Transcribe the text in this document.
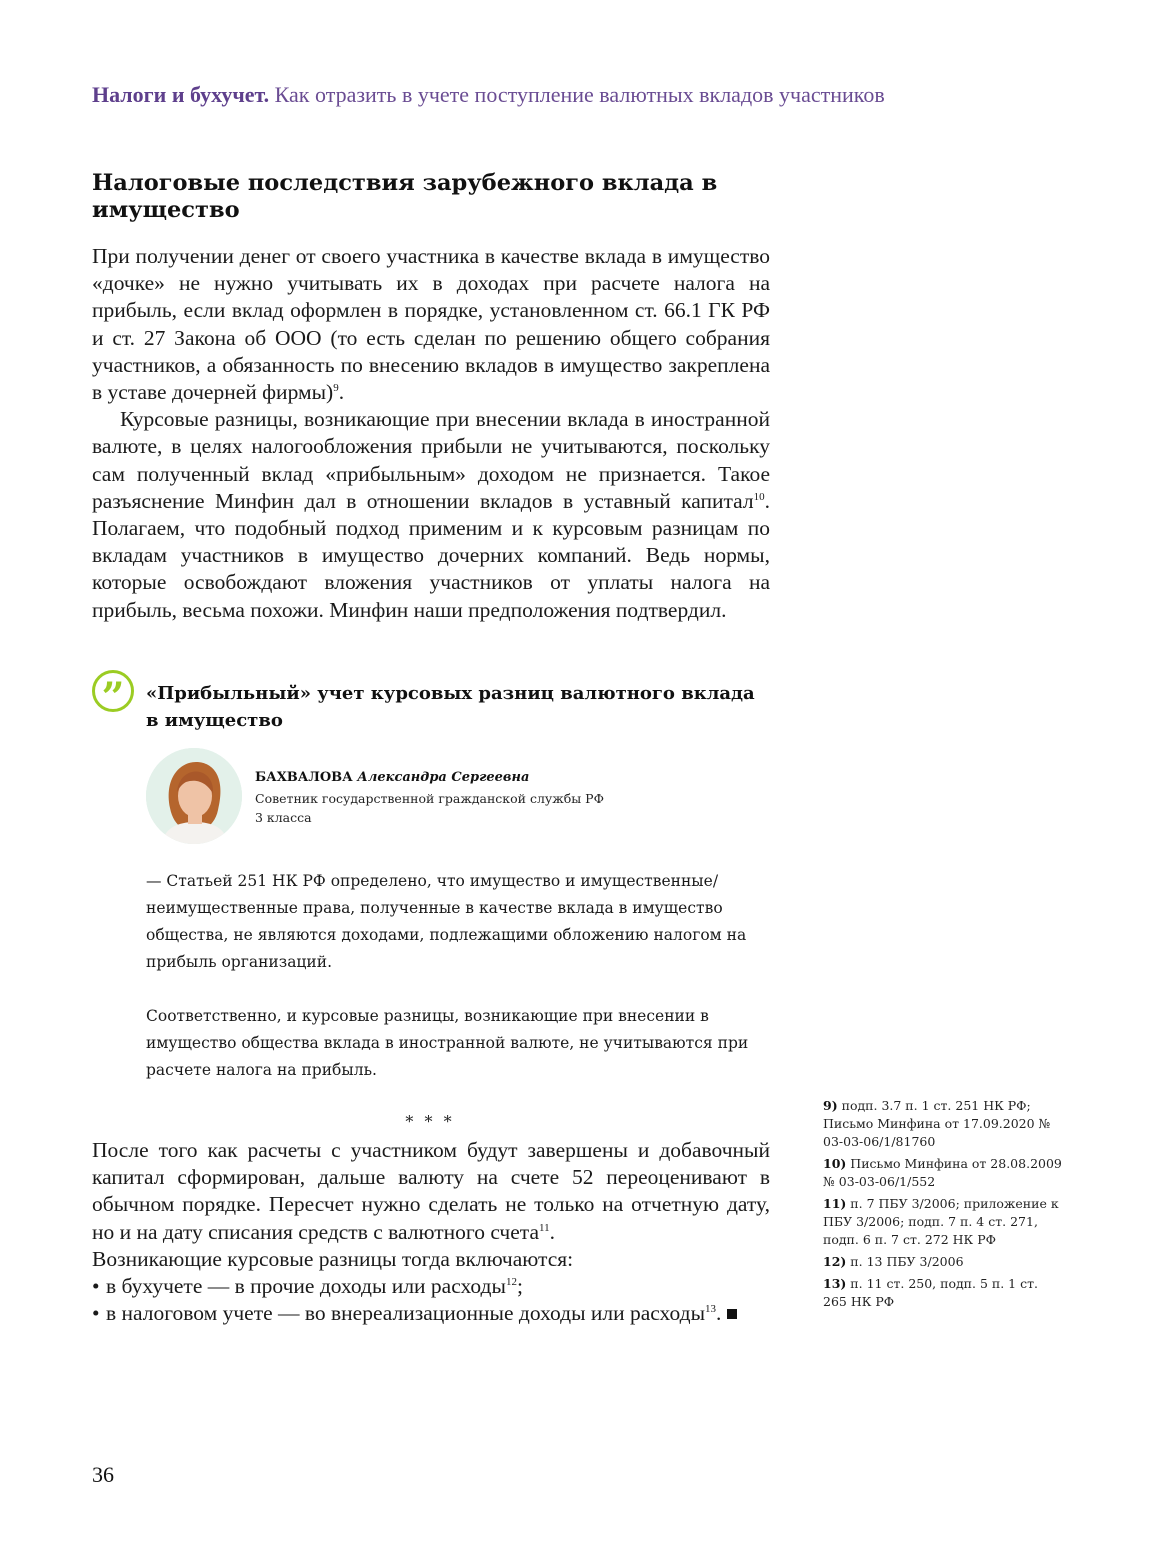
Налоги и бухучет. Как отразить в учете поступление валютных вкладов участников
Налоговые последствия зарубежного вклада в имущество

При получении денег от своего участника в качестве вклада в имущество «дочке» не нужно учитывать их в доходах при расчете налога на прибыль, если вклад оформлен в порядке, установленном ст. 66.1 ГК РФ и ст. 27 Закона об ООО (то есть сделан по решению общего собрания участников, а обязанность по внесению вкладов в имущество закреплена в уставе дочерней фирмы)$^9$.

Курсовые разницы, возникающие при внесении вклада в иностранной валюте, в целях налогообложения прибыли не учитываются, поскольку сам полученный вклад «прибыльным» доходом не признается. Такое разъяснение Минфин дал в отношении вкладов в уставный капитал$^{10}$. Полагаем, что подобный подход применим и к курсовым разницам по вкладам участников в имущество дочерних компаний. Ведь нормы, которые освобождают вложения участников от уплаты налога на прибыль, весьма похожи. Минфин наши предположения подтвердил.

” «Прибыльный» учет курсовых разниц валютного вклада в имущество
БАХВАЛОВА Александра Сергеевна
Советник государственной гражданской службы РФ
3 класса

— Статьей 251 НК РФ определено, что имущество и имущественные/неимущественные права, полученные в качестве вклада в имущество общества, не являются доходами, подлежащими обложению налогом на прибыль организаций.

Соответственно, и курсовые разницы, возникающие при внесении в имущество общества вклада в иностранной валюте, не учитываются при расчете налога на прибыль.

* * *

После того как расчеты с участником будут завершены и добавочный капитал сформирован, дальше валюту на счете 52 переоценивают в обычном порядке. Пересчет нужно сделать не только на отчетную дату, но и на дату списания средств с валютного счета$^{11}$.

Возникающие курсовые разницы тогда включаются:

• в бухучете — в прочие доходы или расходы$^{12}$;
• в налоговом учете — во внереализационные доходы или расходы$^{13}$.

9) подп. 3.7 п. 1 ст. 251 НК РФ; Письмо Минфина от 17.09.2020 № 03-03-06/1/81760

10) Письмо Минфина от 28.08.2009 № 03-03-06/1/552

11) п. 7 ПБУ 3/2006; приложение к ПБУ 3/2006; подп. 7 п. 4 ст. 271, подп. 6 п. 7 ст. 272 НК РФ

12) п. 13 ПБУ 3/2006

13) п. 11 ст. 250, подп. 5 п. 1 ст. 265 НК РФ

36
